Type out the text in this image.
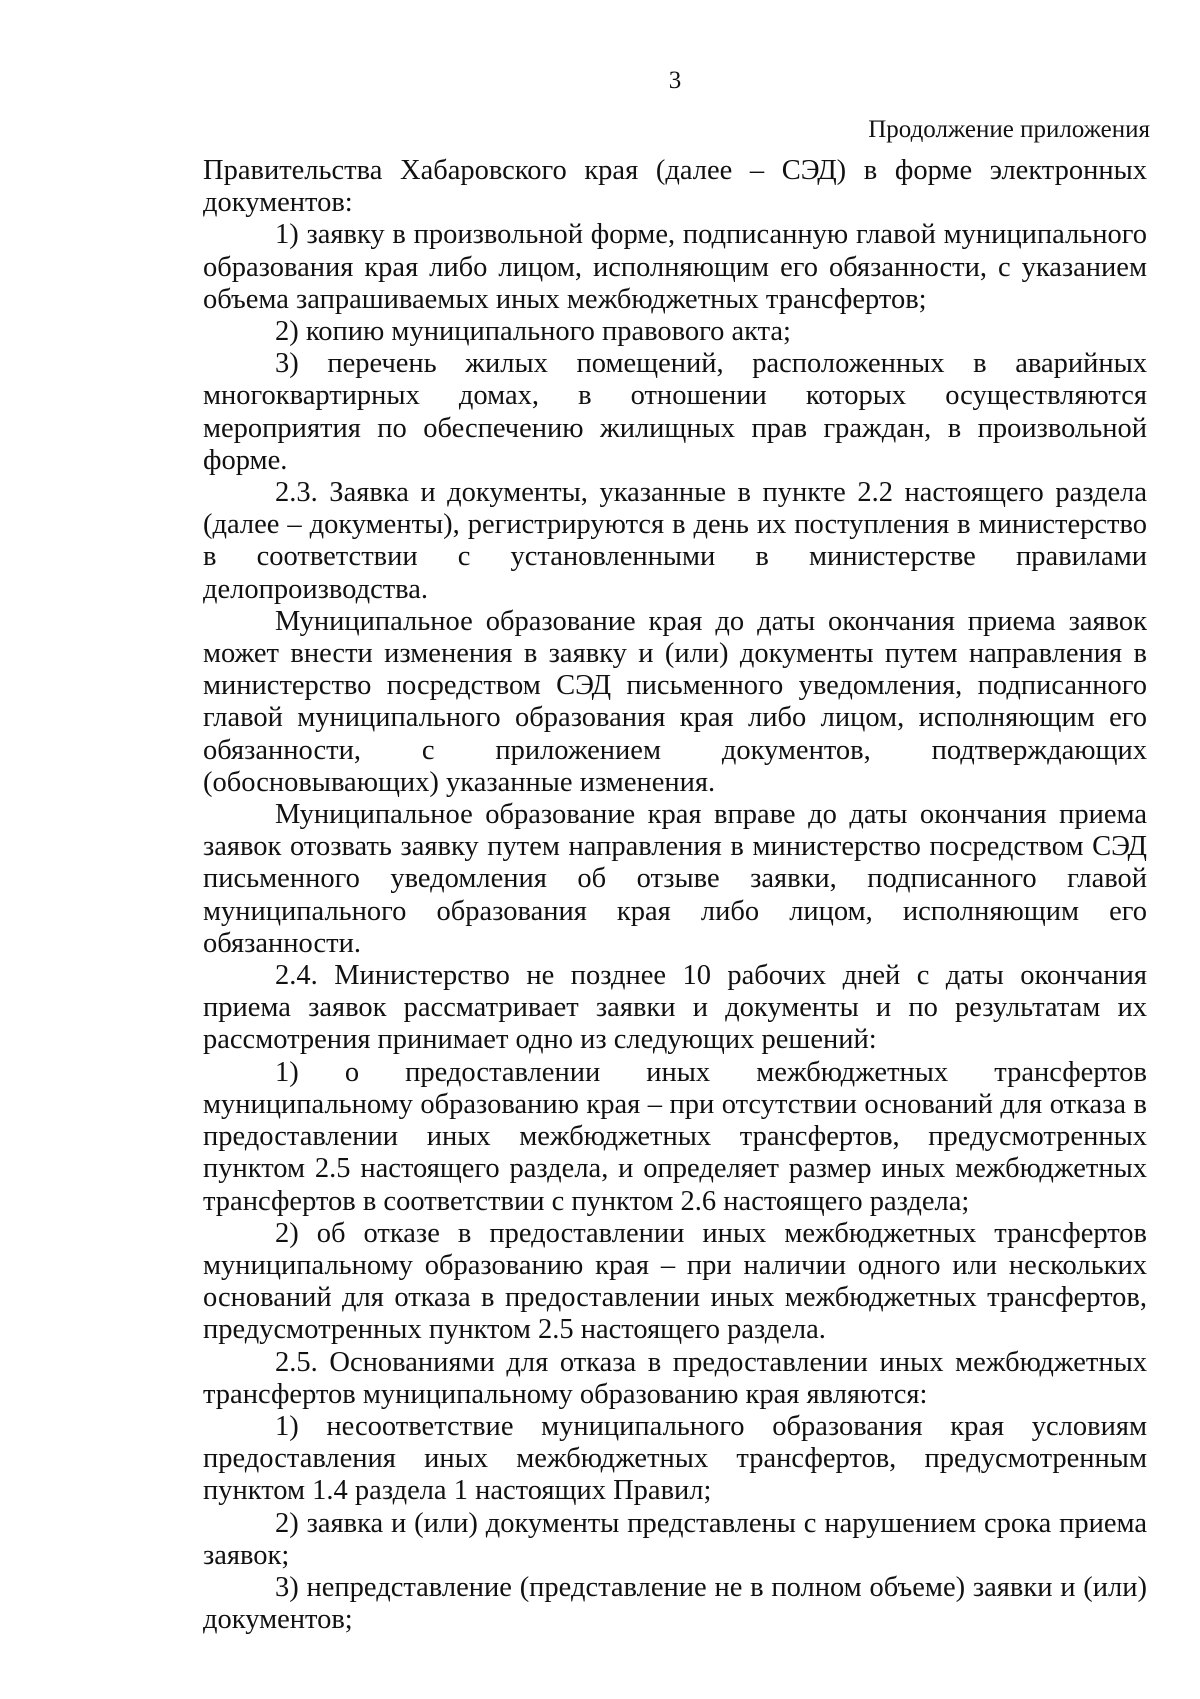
3
Продолжение приложения

Правительства Хабаровского края (далее – СЭД) в форме электронных документов:

1) заявку в произвольной форме, подписанную главой муниципального образования края либо лицом, исполняющим его обязанности, с указанием объема запрашиваемых иных межбюджетных трансфертов;

2) копию муниципального правового акта;

3) перечень жилых помещений, расположенных в аварийных многоквартирных домах, в отношении которых осуществляются мероприятия по обеспечению жилищных прав граждан, в произвольной форме.

2.3. Заявка и документы, указанные в пункте 2.2 настоящего раздела (далее – документы), регистрируются в день их поступления в министерство в соответствии с установленными в министерстве правилами делопроизводства.

Муниципальное образование края до даты окончания приема заявок может внести изменения в заявку и (или) документы путем направления в министерство посредством СЭД письменного уведомления, подписанного главой муниципального образования края либо лицом, исполняющим его обязанности, с приложением документов, подтверждающих (обосновывающих) указанные изменения.

Муниципальное образование края вправе до даты окончания приема заявок отозвать заявку путем направления в министерство посредством СЭД письменного уведомления об отзыве заявки, подписанного главой муниципального образования края либо лицом, исполняющим его обязанности.

2.4. Министерство не позднее 10 рабочих дней с даты окончания приема заявок рассматривает заявки и документы и по результатам их рассмотрения принимает одно из следующих решений:

1) о предоставлении иных межбюджетных трансфертов муниципальному образованию края – при отсутствии оснований для отказа в предоставлении иных межбюджетных трансфертов, предусмотренных пунктом 2.5 настоящего раздела, и определяет размер иных межбюджетных трансфертов в соответствии с пунктом 2.6 настоящего раздела;

2) об отказе в предоставлении иных межбюджетных трансфертов муниципальному образованию края – при наличии одного или нескольких оснований для отказа в предоставлении иных межбюджетных трансфертов, предусмотренных пунктом 2.5 настоящего раздела.

2.5. Основаниями для отказа в предоставлении иных межбюджетных трансфертов муниципальному образованию края являются:

1) несоответствие муниципального образования края условиям предоставления иных межбюджетных трансфертов, предусмотренным пунктом 1.4 раздела 1 настоящих Правил;

2) заявка и (или) документы представлены с нарушением срока приема заявок;

3) непредставление (представление не в полном объеме) заявки и (или) документов;
